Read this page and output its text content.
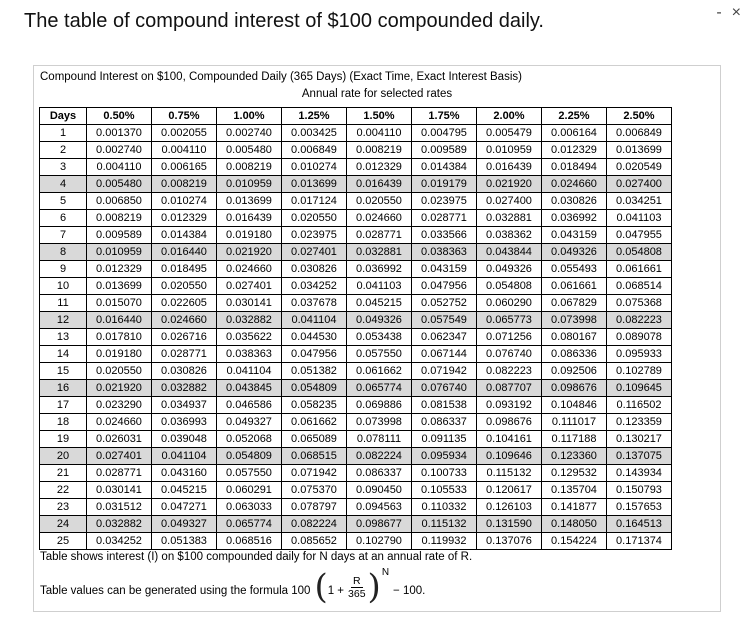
The table of compound interest of $100 compounded daily.	- ×
Compound Interest on $100, Compounded Daily (365 Days) (Exact Time, Exact Interest Basis)
Annual rate for selected rates
Days	0.50%	0.75%	1.00%	1.25%	1.50%	1.75%	2.00%	2.25%	2.50%
1	0.001370	0.002055	0.002740	0.003425	0.004110	0.004795	0.005479	0.006164	0.006849
2	0.002740	0.004110	0.005480	0.006849	0.008219	0.009589	0.010959	0.012329	0.013699
3	0.004110	0.006165	0.008219	0.010274	0.012329	0.014384	0.016439	0.018494	0.020549
4	0.005480	0.008219	0.010959	0.013699	0.016439	0.019179	0.021920	0.024660	0.027400
5	0.006850	0.010274	0.013699	0.017124	0.020550	0.023975	0.027400	0.030826	0.034251
6	0.008219	0.012329	0.016439	0.020550	0.024660	0.028771	0.032881	0.036992	0.041103
7	0.009589	0.014384	0.019180	0.023975	0.028771	0.033566	0.038362	0.043159	0.047955
8	0.010959	0.016440	0.021920	0.027401	0.032881	0.038363	0.043844	0.049326	0.054808
9	0.012329	0.018495	0.024660	0.030826	0.036992	0.043159	0.049326	0.055493	0.061661
10	0.013699	0.020550	0.027401	0.034252	0.041103	0.047956	0.054808	0.061661	0.068514
11	0.015070	0.022605	0.030141	0.037678	0.045215	0.052752	0.060290	0.067829	0.075368
12	0.016440	0.024660	0.032882	0.041104	0.049326	0.057549	0.065773	0.073998	0.082223
13	0.017810	0.026716	0.035622	0.044530	0.053438	0.062347	0.071256	0.080167	0.089078
14	0.019180	0.028771	0.038363	0.047956	0.057550	0.067144	0.076740	0.086336	0.095933
15	0.020550	0.030826	0.041104	0.051382	0.061662	0.071942	0.082223	0.092506	0.102789
16	0.021920	0.032882	0.043845	0.054809	0.065774	0.076740	0.087707	0.098676	0.109645
17	0.023290	0.034937	0.046586	0.058235	0.069886	0.081538	0.093192	0.104846	0.116502
18	0.024660	0.036993	0.049327	0.061662	0.073998	0.086337	0.098676	0.111017	0.123359
19	0.026031	0.039048	0.052068	0.065089	0.078111	0.091135	0.104161	0.117188	0.130217
20	0.027401	0.041104	0.054809	0.068515	0.082224	0.095934	0.109646	0.123360	0.137075
21	0.028771	0.043160	0.057550	0.071942	0.086337	0.100733	0.115132	0.129532	0.143934
22	0.030141	0.045215	0.060291	0.075370	0.090450	0.105533	0.120617	0.135704	0.150793
23	0.031512	0.047271	0.063033	0.078797	0.094563	0.110332	0.126103	0.141877	0.157653
24	0.032882	0.049327	0.065774	0.082224	0.098677	0.115132	0.131590	0.148050	0.164513
25	0.034252	0.051383	0.068516	0.085652	0.102790	0.119932	0.137076	0.154224	0.171374
Table shows interest (I) on $100 compounded daily for N days at an annual rate of R.
Table values can be generated using the formula 100 ( $1 + \frac{R}{365}$ ) N
− 100.
